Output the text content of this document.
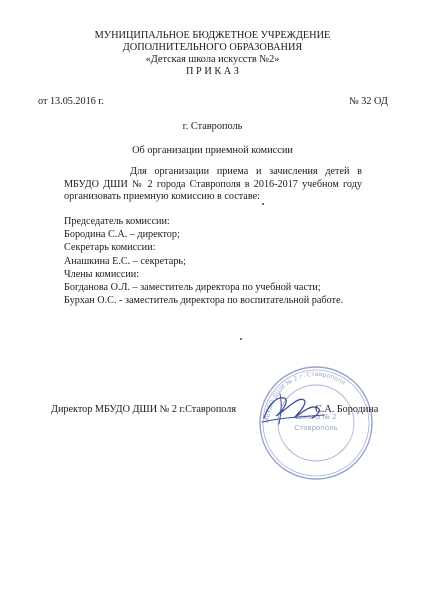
МУНИЦИПАЛЬНОЕ БЮДЖЕТНОЕ УЧРЕЖДЕНИЕ
ДОПОЛНИТЕЛЬНОГО ОБРАЗОВАНИЯ
«Детская школа искусств №2»
П Р И К А З
от 13.05.2016 г.	№ 32 ОД
г. Ставрополь
Об организации приемной комиссии
Для организации приема и зачисления детей в МБУДО ДШИ № 2 города Ставрополя в 2016-2017 учебном году организовать приемную комиссию в составе:
Председатель комиссии:
Бородина С.А. – директор;
Секретарь комиссии:
Анашкина Е.С. – секретарь;
Члены комиссии:
Богданова О.Л. – заместитель директора по учебной части;
Бурхан О.С. - заместитель директора по воспитательной работе.
МБУДО ДШИ № 2 г. Ставрополя
Школа № 2
Ставрополь
Директор МБУДО ДШИ № 2 г.Ставрополя	С.А. Бородина
